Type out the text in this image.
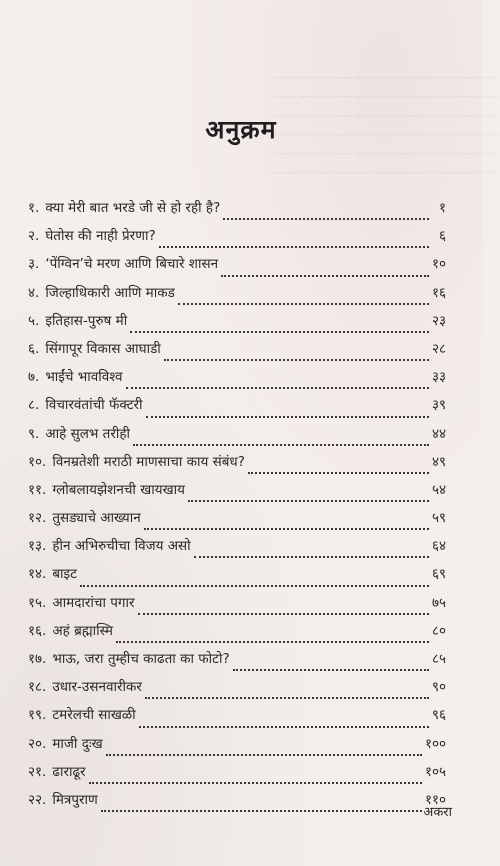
~~~~~~~~~~~~~~~~~~~~~~~~~
~~~~~~~~~~~~~~~~~~~~~~~~~
~~~~~~~~~~~~~~~~~~~~~~~~~
~~~~~~~~~~~~~~~~~~~~~~~~~
~~~~~~~~~~~~~~~~~~~~~~~~~
~~~~~~~~~~~~~~~~~~~~~~~~~
अनुक्रम
१. क्या मेरी बात भरडे जी से हो रही है?	१
२. घेतोस की नाही प्रेरणा?	६
३. ‘पेंग्विन’चे मरण आणि बिचारे शासन	१०
४. जिल्हाधिकारी आणि माकड	१६
५. इतिहास-पुरुष मी	२३
६. सिंगापूर विकास आघाडी	२८
७. भाईंचे भावविश्व	३३
८. विचारवंतांची फॅक्टरी	३९
९. आहे सुलभ तरीही	४४
१०. विनम्रतेशी मराठी माणसाचा काय संबंध?	४९
११. ग्लोबलायझेशनची खायखाय	५४
१२. तुसड्याचे आख्यान	५९
१३. हीन अभिरुचीचा विजय असो	६४
१४. बाइट	६९
१५. आमदारांचा पगार	७५
१६. अहं ब्रह्मास्मि	८०
१७. भाऊ, जरा तुम्हीच काढता का फोटो?	८५
१८. उधार-उसनवारीकर	९०
१९. टमरेलची साखळी	९६
२०. माजी दुःख	१००
२१. ढाराढूर	१०५
२२. मित्रपुराण	११०
अकरा
